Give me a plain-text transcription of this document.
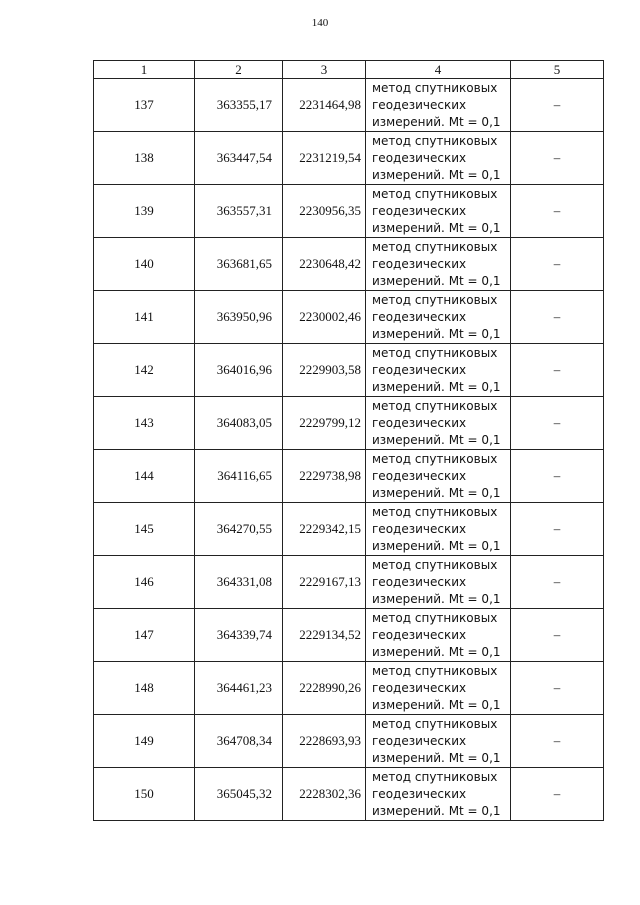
140
1	2	3	4	5
137	363355,17	2231464,98	метод спутниковых
геодезических
измерений. Mt = 0,1	–
138	363447,54	2231219,54	метод спутниковых
геодезических
измерений. Mt = 0,1	–
139	363557,31	2230956,35	метод спутниковых
геодезических
измерений. Mt = 0,1	–
140	363681,65	2230648,42	метод спутниковых
геодезических
измерений. Mt = 0,1	–
141	363950,96	2230002,46	метод спутниковых
геодезических
измерений. Mt = 0,1	–
142	364016,96	2229903,58	метод спутниковых
геодезических
измерений. Mt = 0,1	–
143	364083,05	2229799,12	метод спутниковых
геодезических
измерений. Mt = 0,1	–
144	364116,65	2229738,98	метод спутниковых
геодезических
измерений. Mt = 0,1	–
145	364270,55	2229342,15	метод спутниковых
геодезических
измерений. Mt = 0,1	–
146	364331,08	2229167,13	метод спутниковых
геодезических
измерений. Mt = 0,1	–
147	364339,74	2229134,52	метод спутниковых
геодезических
измерений. Mt = 0,1	–
148	364461,23	2228990,26	метод спутниковых
геодезических
измерений. Mt = 0,1	–
149	364708,34	2228693,93	метод спутниковых
геодезических
измерений. Mt = 0,1	–
150	365045,32	2228302,36	метод спутниковых
геодезических
измерений. Mt = 0,1	–
